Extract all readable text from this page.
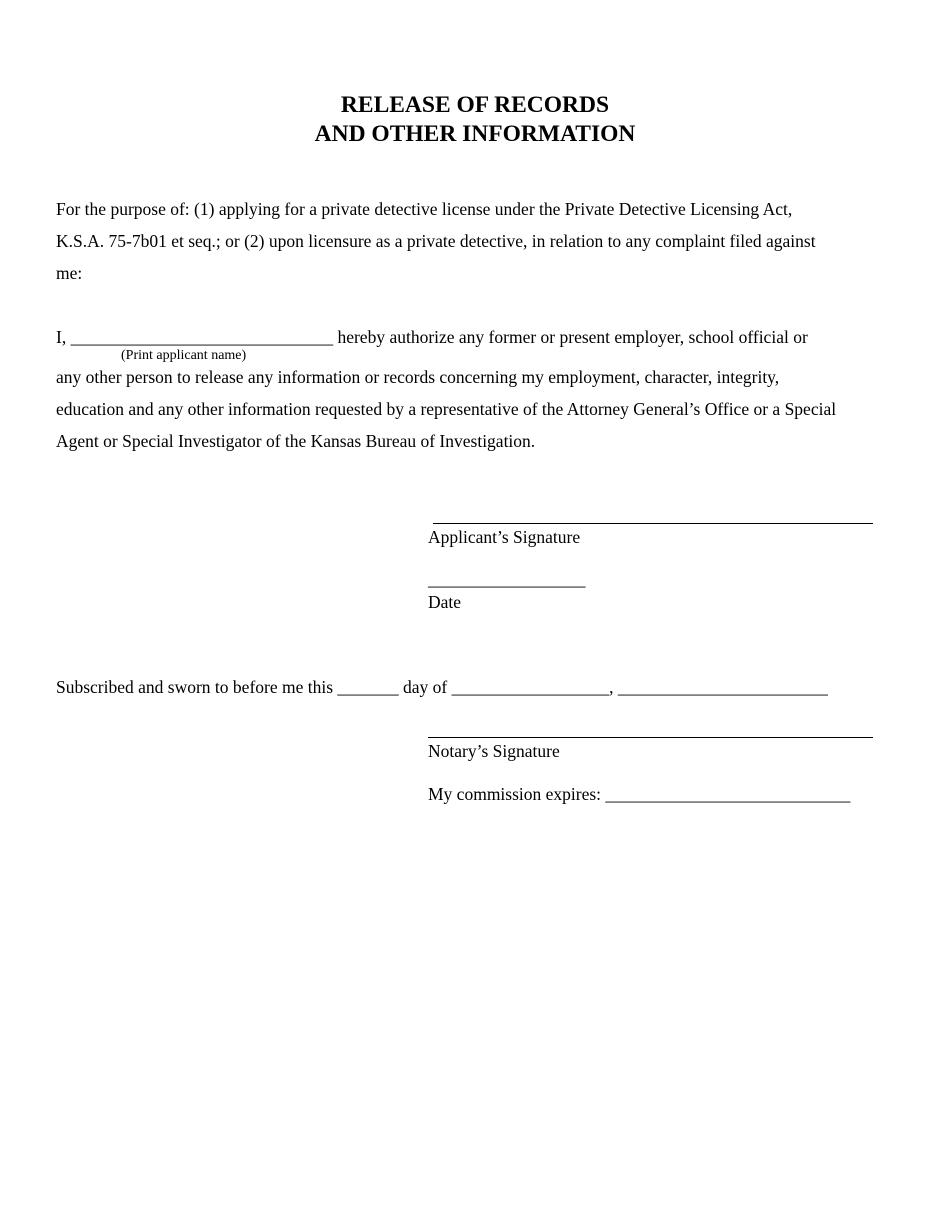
RELEASE OF RECORDS
AND OTHER INFORMATION
For the purpose of: (1) applying for a private detective license under the Private Detective Licensing Act,
K.S.A. 75-7b01 et seq.; or (2) upon licensure as a private detective, in relation to any complaint filed against
me:
I, ______________________________ hereby authorize any former or present employer, school official or
(Print applicant name)
any other person to release any information or records concerning my employment, character, integrity,
education and any other information requested by a representative of the Attorney General’s Office or a Special
Agent or Special Investigator of the Kansas Bureau of Investigation.
Applicant’s Signature
__________________
Date
Subscribed and sworn to before me this _______ day of __________________, ________________________
Notary’s Signature
My commission expires: ____________________________
